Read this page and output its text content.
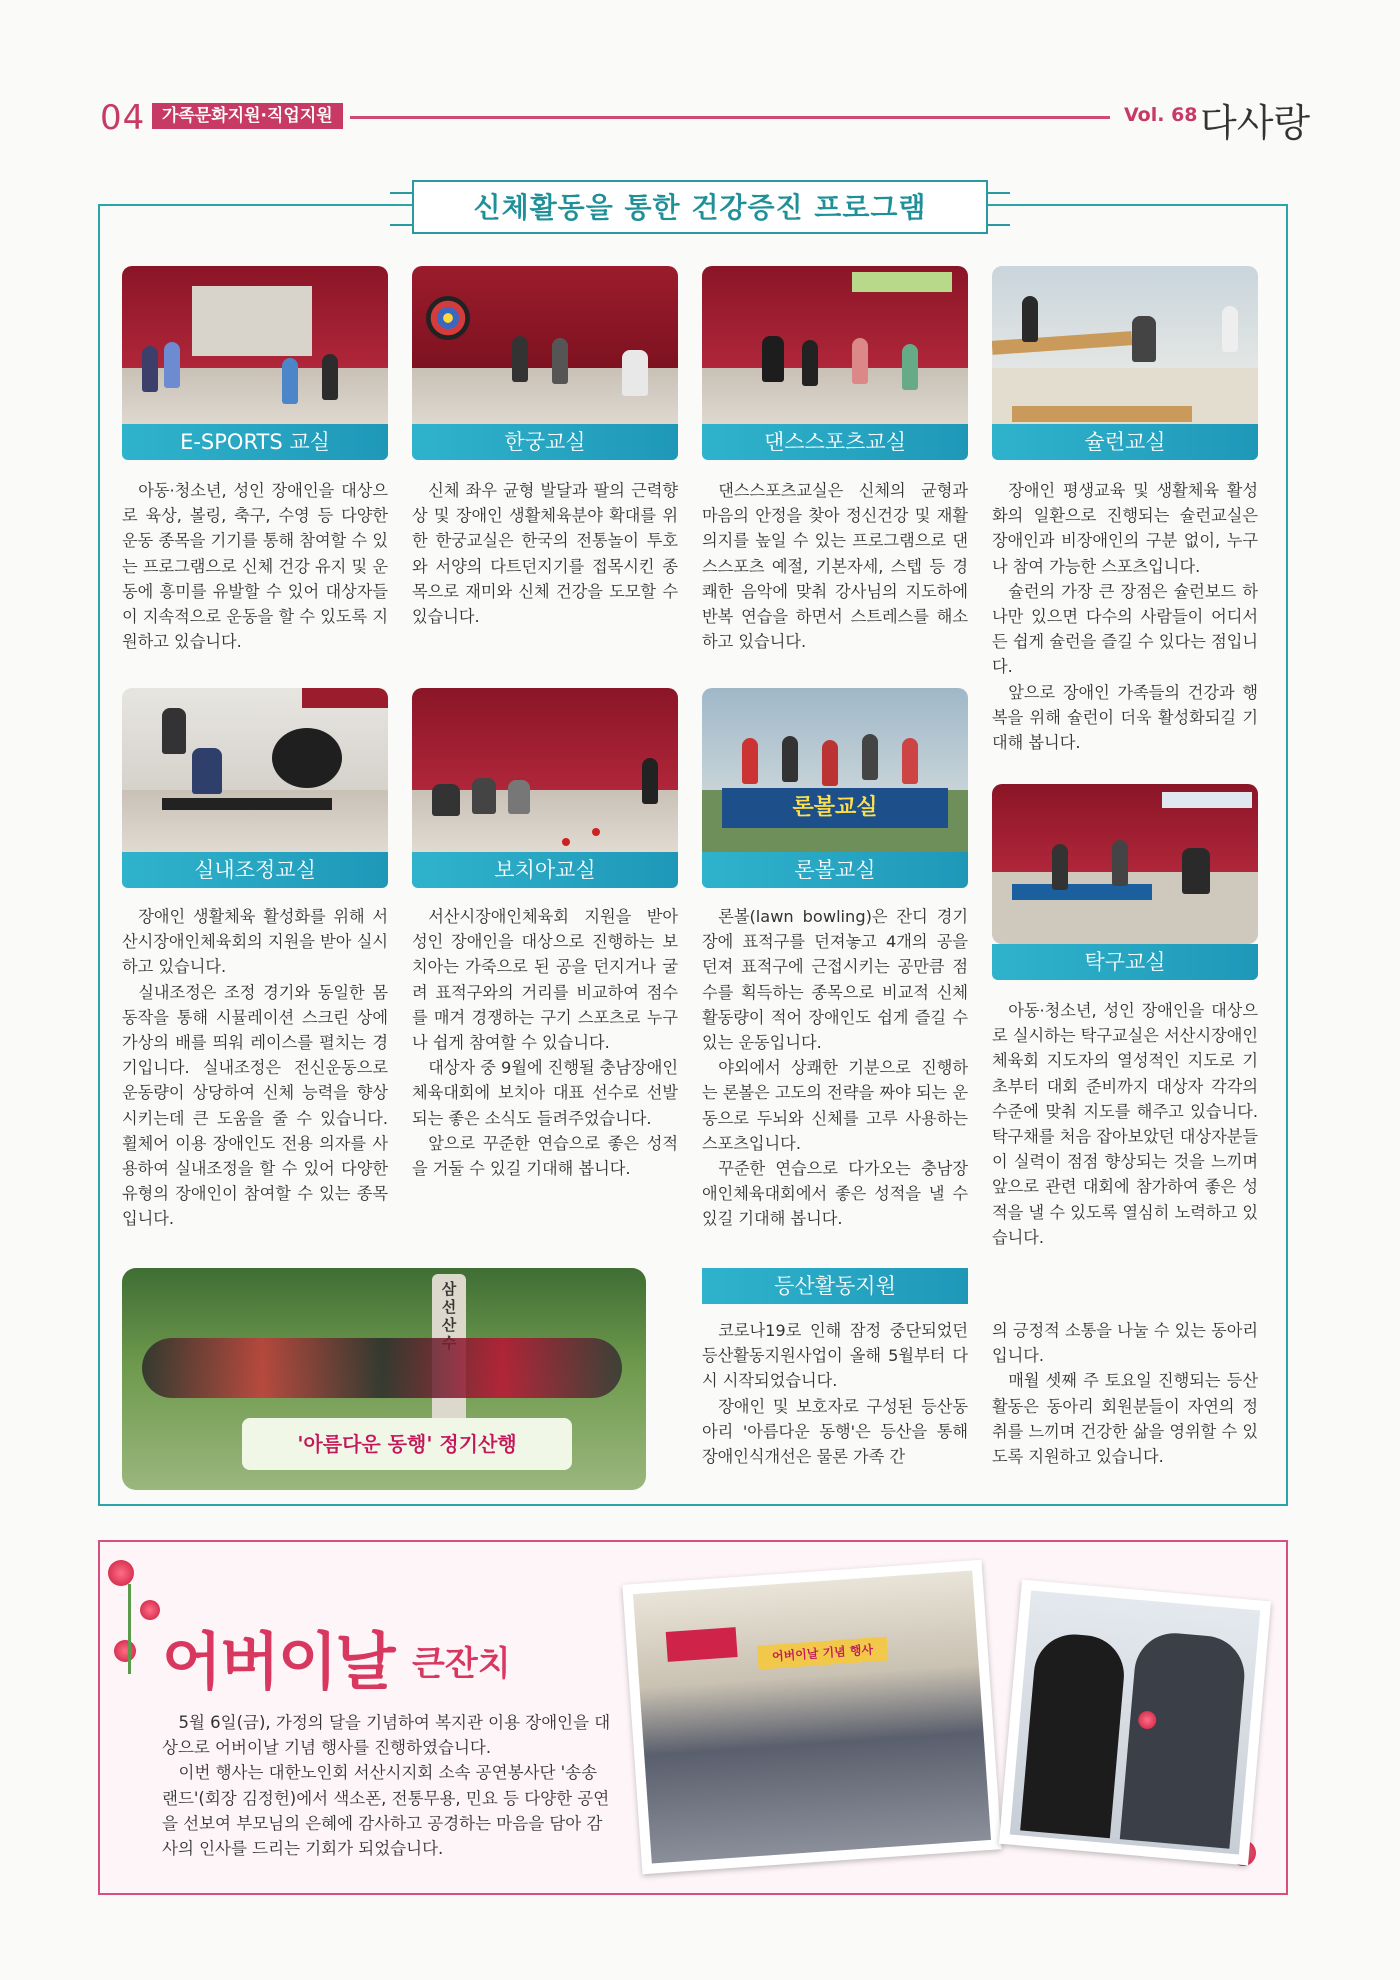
04 가족문화지원·직업지원	Vol. 68 다사랑
신체활동을 통한 건강증진 프로그램
E-SPORTS 교실	한궁교실	댄스스포츠교실	슐런교실

아동·청소년, 성인 장애인을 대상으로 육상, 볼링, 축구, 수영 등 다양한 운동 종목을 기기를 통해 참여할 수 있는 프로그램으로 신체 건강 유지 및 운동에 흥미를 유발할 수 있어 대상자들이 지속적으로 운동을 할 수 있도록 지원하고 있습니다.

신체 좌우 균형 발달과 팔의 근력향상 및 장애인 생활체육분야 확대를 위한 한궁교실은 한국의 전통놀이 투호와 서양의 다트던지기를 접목시킨 종목으로 재미와 신체 건강을 도모할 수 있습니다.

댄스스포츠교실은 신체의 균형과 마음의 안정을 찾아 정신건강 및 재활의지를 높일 수 있는 프로그램으로 댄스스포츠 예절, 기본자세, 스텝 등 경쾌한 음악에 맞춰 강사님의 지도하에 반복 연습을 하면서 스트레스를 해소하고 있습니다.

장애인 평생교육 및 생활체육 활성화의 일환으로 진행되는 슐런교실은 장애인과 비장애인의 구분 없이, 누구나 참여 가능한 스포츠입니다.

슐런의 가장 큰 장점은 슐런보드 하나만 있으면 다수의 사람들이 어디서든 쉽게 슐런을 즐길 수 있다는 점입니다.

앞으로 장애인 가족들의 건강과 행복을 위해 슐런이 더욱 활성화되길 기대해 봅니다.

론볼교실
실내조정교실	보치아교실	론볼교실
탁구교실

장애인 생활체육 활성화를 위해 서산시장애인체육회의 지원을 받아 실시하고 있습니다.

실내조정은 조정 경기와 동일한 몸동작을 통해 시뮬레이션 스크린 상에 가상의 배를 띄워 레이스를 펼치는 경기입니다. 실내조정은 전신운동으로 운동량이 상당하여 신체 능력을 향상시키는데 큰 도움을 줄 수 있습니다. 휠체어 이용 장애인도 전용 의자를 사용하여 실내조정을 할 수 있어 다양한 유형의 장애인이 참여할 수 있는 종목입니다.

서산시장애인체육회 지원을 받아 성인 장애인을 대상으로 진행하는 보치아는 가죽으로 된 공을 던지거나 굴려 표적구와의 거리를 비교하여 점수를 매겨 경쟁하는 구기 스포츠로 누구나 쉽게 참여할 수 있습니다.

대상자 중 9월에 진행될 충남장애인체육대회에 보치아 대표 선수로 선발되는 좋은 소식도 들려주었습니다.

앞으로 꾸준한 연습으로 좋은 성적을 거둘 수 있길 기대해 봅니다.

론볼(lawn bowling)은 잔디 경기장에 표적구를 던져놓고 4개의 공을 던져 표적구에 근접시키는 공만큼 점수를 획득하는 종목으로 비교적 신체 활동량이 적어 장애인도 쉽게 즐길 수 있는 운동입니다.

야외에서 상쾌한 기분으로 진행하는 론볼은 고도의 전략을 짜야 되는 운동으로 두뇌와 신체를 고루 사용하는 스포츠입니다.

꾸준한 연습으로 다가오는 충남장애인체육대회에서 좋은 성적을 낼 수 있길 기대해 봅니다.

아동·청소년, 성인 장애인을 대상으로 실시하는 탁구교실은 서산시장애인체육회 지도자의 열성적인 지도로 기초부터 대회 준비까지 대상자 각각의 수준에 맞춰 지도를 해주고 있습니다. 탁구채를 처음 잡아보았던 대상자분들이 실력이 점점 향상되는 것을 느끼며 앞으로 관련 대회에 참가하여 좋은 성적을 낼 수 있도록 열심히 노력하고 있습니다.

삼선산
'아름다운 동행' 정기산행
등산활동지원

코로나19로 인해 잠정 중단되었던 등산활동지원사업이 올해 5월부터 다시 시작되었습니다.

장애인 및 보호자로 구성된 등산동아리 '아름다운 동행'은 등산을 통해 장애인식개선은 물론 가족 간

의 긍정적 소통을 나눌 수 있는 동아리입니다.

매월 셋째 주 토요일 진행되는 등산활동은 동아리 회원분들이 자연의 정취를 느끼며 건강한 삶을 영위할 수 있도록 지원하고 있습니다.

어버이날 큰잔치

5월 6일(금), 가정의 달을 기념하여 복지관 이용 장애인을 대상으로 어버이날 기념 행사를 진행하였습니다.

이번 행사는 대한노인회 서산시지회 소속 공연봉사단 '송송랜드'(회장 김정헌)에서 색소폰, 전통무용, 민요 등 다양한 공연을 선보여 부모님의 은혜에 감사하고 공경하는 마음을 담아 감사의 인사를 드리는 기회가 되었습니다.

어버이날 기념 행사
